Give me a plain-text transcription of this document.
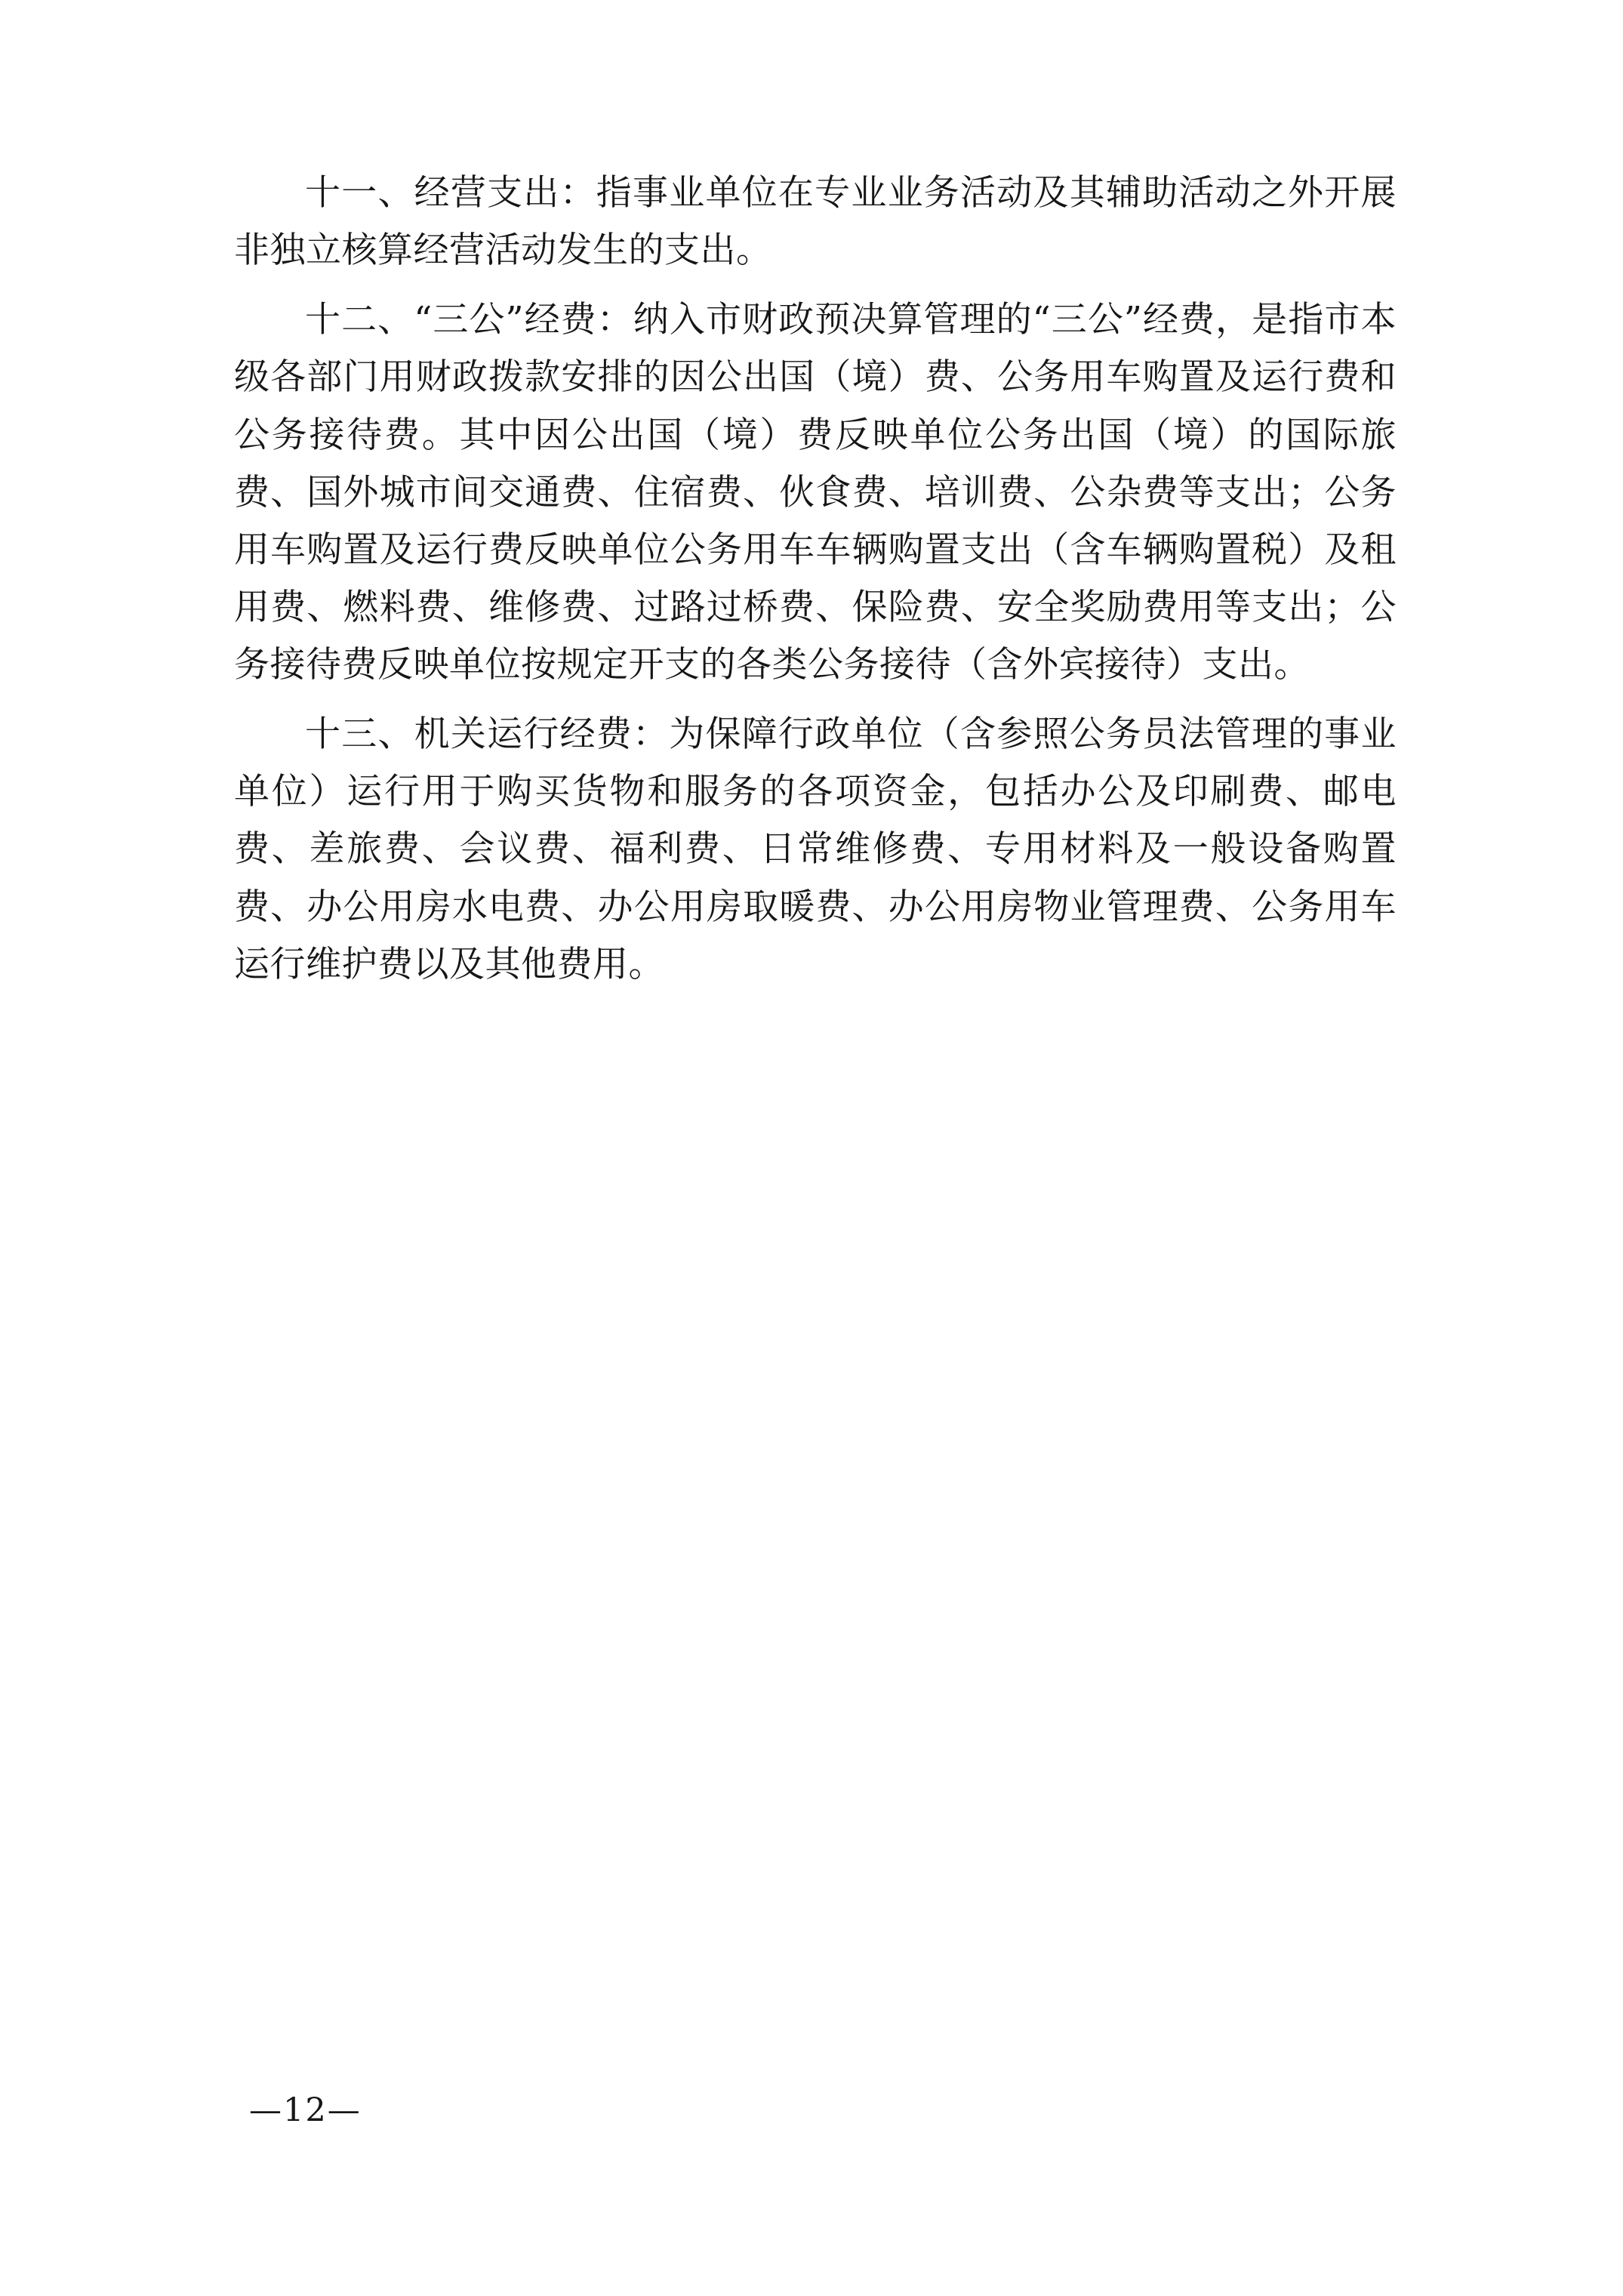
十一、经营支出：指事业单位在专业业务活动及其辅助活动之外开展非独立核算经营活动发生的支出。

十二、“三公”经费：纳入市财政预决算管理的“三公”经费，是指市本级各部门用财政拨款安排的因公出国（境）费、公务用车购置及运行费和公务接待费。其中因公出国（境）费反映单位公务出国（境）的国际旅费、国外城市间交通费、住宿费、伙食费、培训费、公杂费等支出；公务用车购置及运行费反映单位公务用车车辆购置支出（含车辆购置税）及租用费、燃料费、维修费、过路过桥费、保险费、安全奖励费用等支出；公务接待费反映单位按规定开支的各类公务接待（含外宾接待）支出。

十三、机关运行经费：为保障行政单位（含参照公务员法管理的事业单位）运行用于购买货物和服务的各项资金，包括办公及印刷费、邮电费、差旅费、会议费、福利费、日常维修费、专用材料及一般设备购置费、办公用房水电费、办公用房取暖费、办公用房物业管理费、公务用车运行维护费以及其他费用。

—12—
